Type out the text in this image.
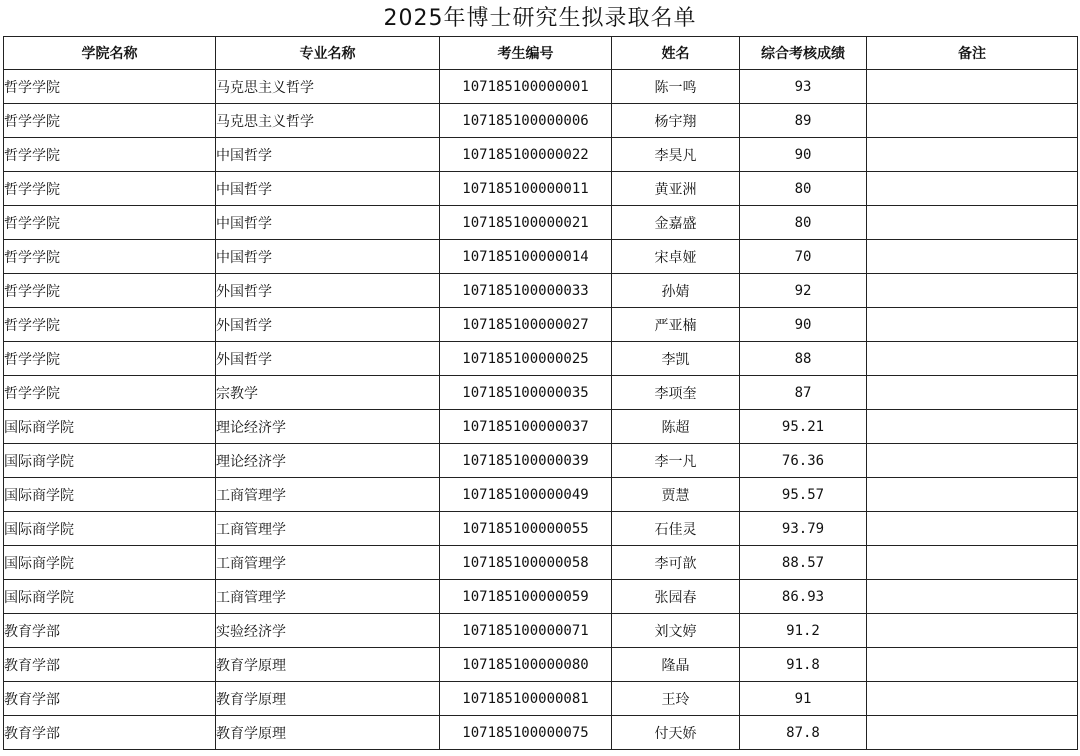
2025年博士研究生拟录取名单
学院名称	专业名称	考生编号	姓名	综合考核成绩	备注
哲学学院	马克思主义哲学	107185100000001	陈一鸣	93	
哲学学院	马克思主义哲学	107185100000006	杨宇翔	89	
哲学学院	中国哲学	107185100000022	李昊凡	90	
哲学学院	中国哲学	107185100000011	黄亚洲	80	
哲学学院	中国哲学	107185100000021	金嘉盛	80	
哲学学院	中国哲学	107185100000014	宋卓娅	70	
哲学学院	外国哲学	107185100000033	孙婧	92	
哲学学院	外国哲学	107185100000027	严亚楠	90	
哲学学院	外国哲学	107185100000025	李凯	88	
哲学学院	宗教学	107185100000035	李项奎	87	
国际商学院	理论经济学	107185100000037	陈超	95.21	
国际商学院	理论经济学	107185100000039	李一凡	76.36	
国际商学院	工商管理学	107185100000049	贾慧	95.57	
国际商学院	工商管理学	107185100000055	石佳灵	93.79	
国际商学院	工商管理学	107185100000058	李可歆	88.57	
国际商学院	工商管理学	107185100000059	张园春	86.93	
教育学部	实验经济学	107185100000071	刘文婷	91.2	
教育学部	教育学原理	107185100000080	隆晶	91.8	
教育学部	教育学原理	107185100000081	王玲	91	
教育学部	教育学原理	107185100000075	付天娇	87.8	
